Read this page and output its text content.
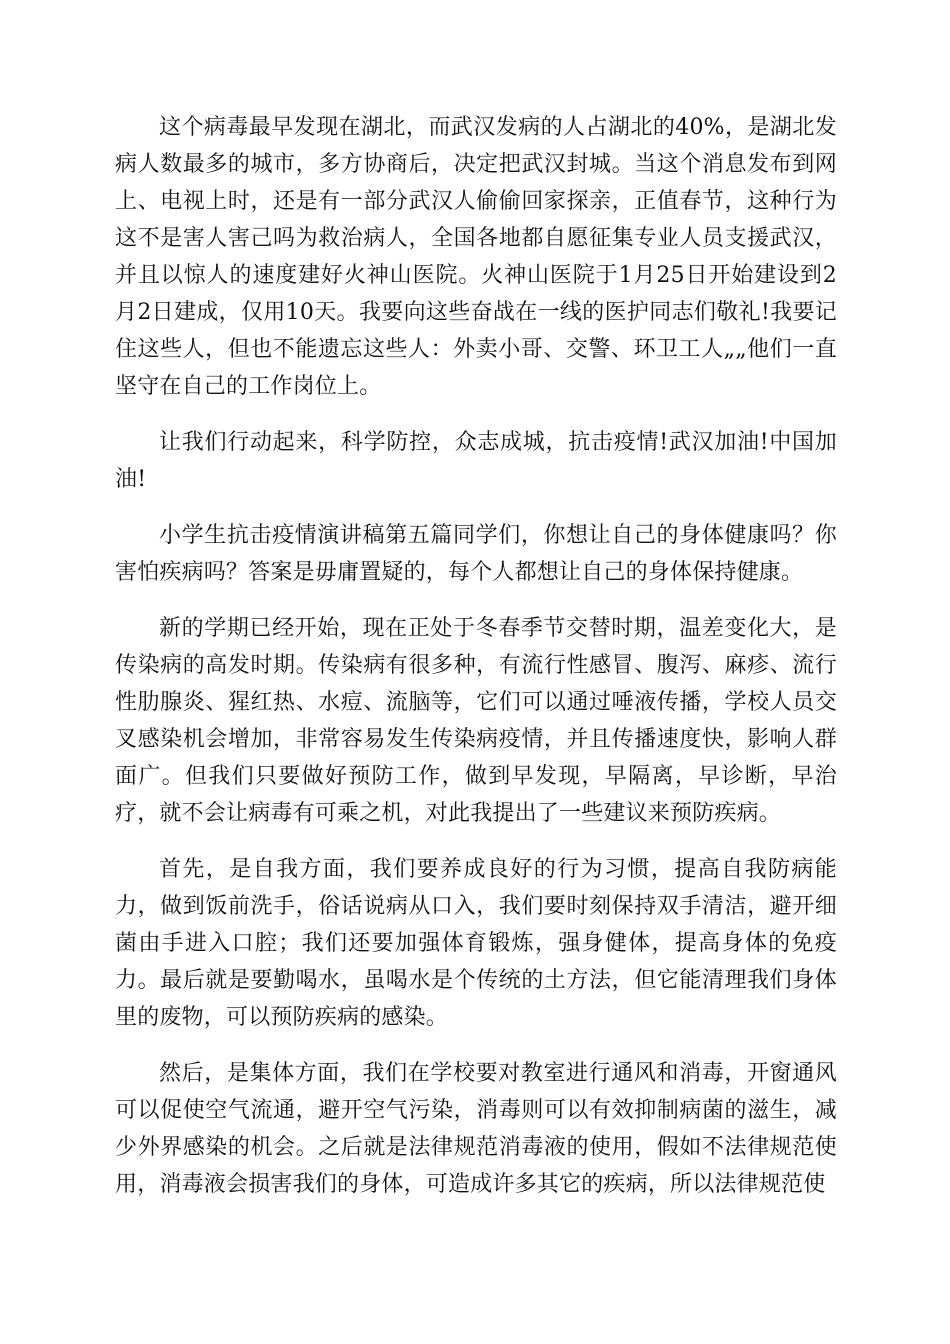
这个病毒最早发现在湖北，而武汉发病的人占湖北的40%，是湖北发病人数最多的城市，多方协商后，决定把武汉封城。当这个消息发布到网上、电视上时，还是有一部分武汉人偷偷回家探亲，正值春节，这种行为这不是害人害己吗为救治病人，全国各地都自愿征集专业人员支援武汉，并且以惊人的速度建好火神山医院。火神山医院于1月25日开始建设到2月2日建成，仅用10天。我要向这些奋战在一线的医护同志们敬礼!我要记住这些人，但也不能遗忘这些人：外卖小哥、交警、环卫工人„„他们一直坚守在自己的工作岗位上。

让我们行动起来，科学防控，众志成城，抗击疫情!武汉加油!中国加油!

小学生抗击疫情演讲稿第五篇同学们，你想让自己的身体健康吗？你害怕疾病吗？答案是毋庸置疑的，每个人都想让自己的身体保持健康。

新的学期已经开始，现在正处于冬春季节交替时期，温差变化大，是传染病的高发时期。传染病有很多种，有流行性感冒、腹泻、麻疹、流行性肋腺炎、猩红热、水痘、流脑等，它们可以通过唾液传播，学校人员交叉感染机会增加，非常容易发生传染病疫情，并且传播速度快，影响人群面广。但我们只要做好预防工作，做到早发现，早隔离，早诊断，早治疗，就不会让病毒有可乘之机，对此我提出了一些建议来预防疾病。

首先，是自我方面，我们要养成良好的行为习惯，提高自我防病能力，做到饭前洗手，俗话说病从口入，我们要时刻保持双手清洁，避开细菌由手进入口腔；我们还要加强体育锻炼，强身健体，提高身体的免疫力。最后就是要勤喝水，虽喝水是个传统的土方法，但它能清理我们身体里的废物，可以预防疾病的感染。

然后，是集体方面，我们在学校要对教室进行通风和消毒，开窗通风可以促使空气流通，避开空气污染，消毒则可以有效抑制病菌的滋生，减少外界感染的机会。之后就是法律规范消毒液的使用，假如不法律规范使用，消毒液会损害我们的身体，可造成许多其它的疾病，所以法律规范使
